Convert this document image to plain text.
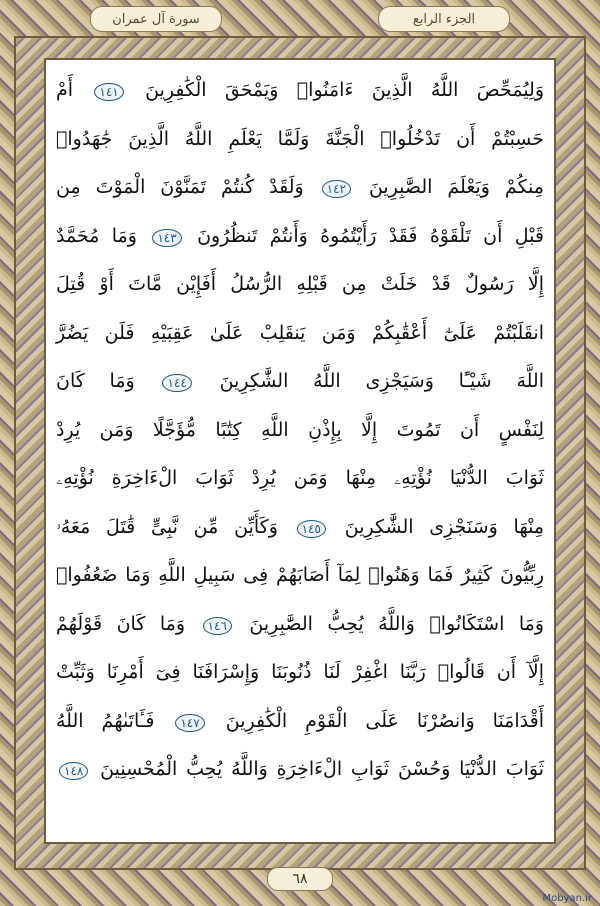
سورة آل عمران	الجزء الرابع
وَلِيُمَحِّصَ اللَّهُ الَّذِينَ ءَامَنُوا۟ وَيَمْحَقَ الْكَٰفِرِينَ ١٤١ أَمْ
حَسِبْتُمْ أَن تَدْخُلُوا۟ الْجَنَّةَ وَلَمَّا يَعْلَمِ اللَّهُ الَّذِينَ جَٰهَدُوا۟
مِنكُمْ وَيَعْلَمَ الصَّٰبِرِينَ ١٤٢ وَلَقَدْ كُنتُمْ تَمَنَّوْنَ الْمَوْتَ مِن
قَبْلِ أَن تَلْقَوْهُ فَقَدْ رَأَيْتُمُوهُ وَأَنتُمْ تَنظُرُونَ ١٤٣ وَمَا مُحَمَّدٌ
إِلَّا رَسُولٌ قَدْ خَلَتْ مِن قَبْلِهِ الرُّسُلُ أَفَإِيْن مَّاتَ أَوْ قُتِلَ
انقَلَبْتُمْ عَلَىٰٓ أَعْقَٰبِكُمْ وَمَن يَنقَلِبْ عَلَىٰ عَقِبَيْهِ فَلَن يَضُرَّ
اللَّهَ شَيْـًٔا وَسَيَجْزِى اللَّهُ الشَّٰكِرِينَ ١٤٤ وَمَا كَانَ
لِنَفْسٍ أَن تَمُوتَ إِلَّا بِإِذْنِ اللَّهِ كِتَٰبًا مُّؤَجَّلًا وَمَن يُرِدْ
ثَوَابَ الدُّنْيَا نُؤْتِهِۦ مِنْهَا وَمَن يُرِدْ ثَوَابَ الْءَاخِرَةِ نُؤْتِهِۦ
مِنْهَا وَسَنَجْزِى الشَّٰكِرِينَ ١٤٥ وَكَأَيِّن مِّن نَّبِىٍّ قَٰتَلَ مَعَهُۥ
رِبِّيُّونَ كَثِيرٌ فَمَا وَهَنُوا۟ لِمَآ أَصَابَهُمْ فِى سَبِيلِ اللَّهِ وَمَا ضَعُفُوا۟
وَمَا اسْتَكَانُوا۟ وَاللَّهُ يُحِبُّ الصَّٰبِرِينَ ١٤٦ وَمَا كَانَ قَوْلَهُمْ
إِلَّآ أَن قَالُوا۟ رَبَّنَا اغْفِرْ لَنَا ذُنُوبَنَا وَإِسْرَافَنَا فِىٓ أَمْرِنَا وَثَبِّتْ
أَقْدَامَنَا وَانصُرْنَا عَلَى الْقَوْمِ الْكَٰفِرِينَ ١٤٧ فَـَٔاتَىٰهُمُ اللَّهُ
ثَوَابَ الدُّنْيَا وَحُسْنَ ثَوَابِ الْءَاخِرَةِ وَاللَّهُ يُحِبُّ الْمُحْسِنِينَ ١٤٨
٦٨
Mobyan.ir
